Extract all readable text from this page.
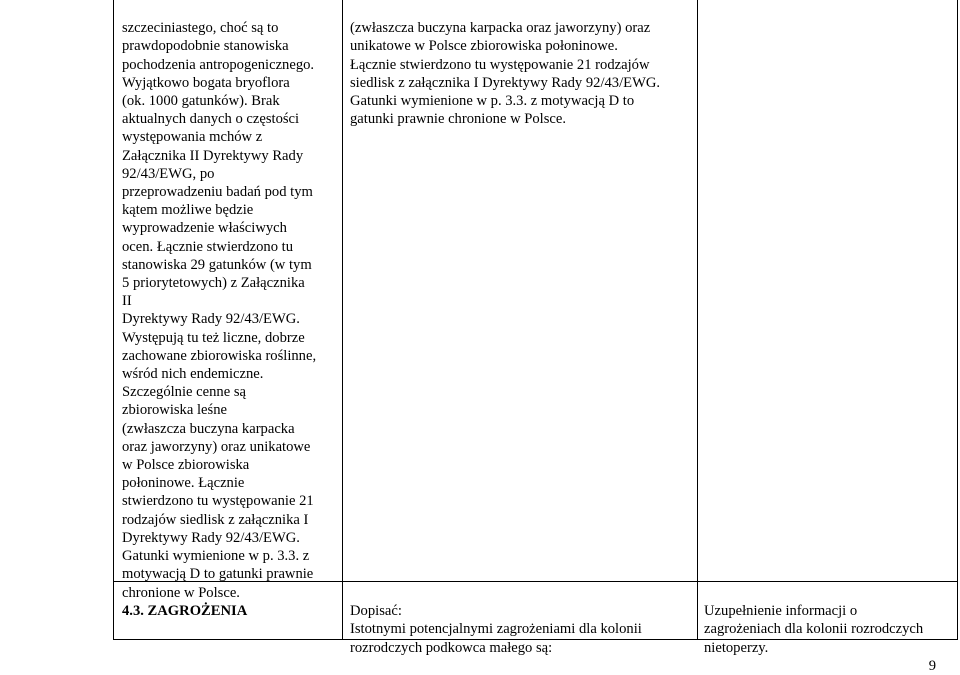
szczeciniastego, choć są to
prawdopodobnie stanowiska
pochodzenia antropogenicznego.
Wyjątkowo bogata bryoflora
(ok. 1000 gatunków). Brak
aktualnych danych o częstości
występowania mchów z
Załącznika II Dyrektywy Rady
92/43/EWG, po
przeprowadzeniu badań pod tym
kątem możliwe będzie
wyprowadzenie właściwych
ocen. Łącznie stwierdzono tu
stanowiska 29 gatunków (w tym
5 priorytetowych) z Załącznika
II
Dyrektywy Rady 92/43/EWG.
Występują tu też liczne, dobrze
zachowane zbiorowiska roślinne,
wśród nich endemiczne.
Szczególnie cenne są
zbiorowiska leśne
(zwłaszcza buczyna karpacka
oraz jaworzyny) oraz unikatowe
w Polsce zbiorowiska
połoninowe. Łącznie
stwierdzono tu występowanie 21
rodzajów siedlisk z załącznika I
Dyrektywy Rady 92/43/EWG.
Gatunki wymienione w p. 3.3. z
motywacją D to gatunki prawnie
chronione w Polsce.

(zwłaszcza buczyna karpacka oraz jaworzyny) oraz
unikatowe w Polsce zbiorowiska połoninowe.
Łącznie stwierdzono tu występowanie 21 rodzajów
siedlisk z załącznika I Dyrektywy Rady 92/43/EWG.
Gatunki wymienione w p. 3.3. z motywacją D to
gatunki prawnie chronione w Polsce.

4.3. ZAGROŻENIA	Dopisać:
Istotnymi potencjalnymi zagrożeniami dla kolonii
rozrodczych podkowca małego są:

Uzupełnienie informacji o
zagrożeniach dla kolonii rozrodczych
nietoperzy.

9
